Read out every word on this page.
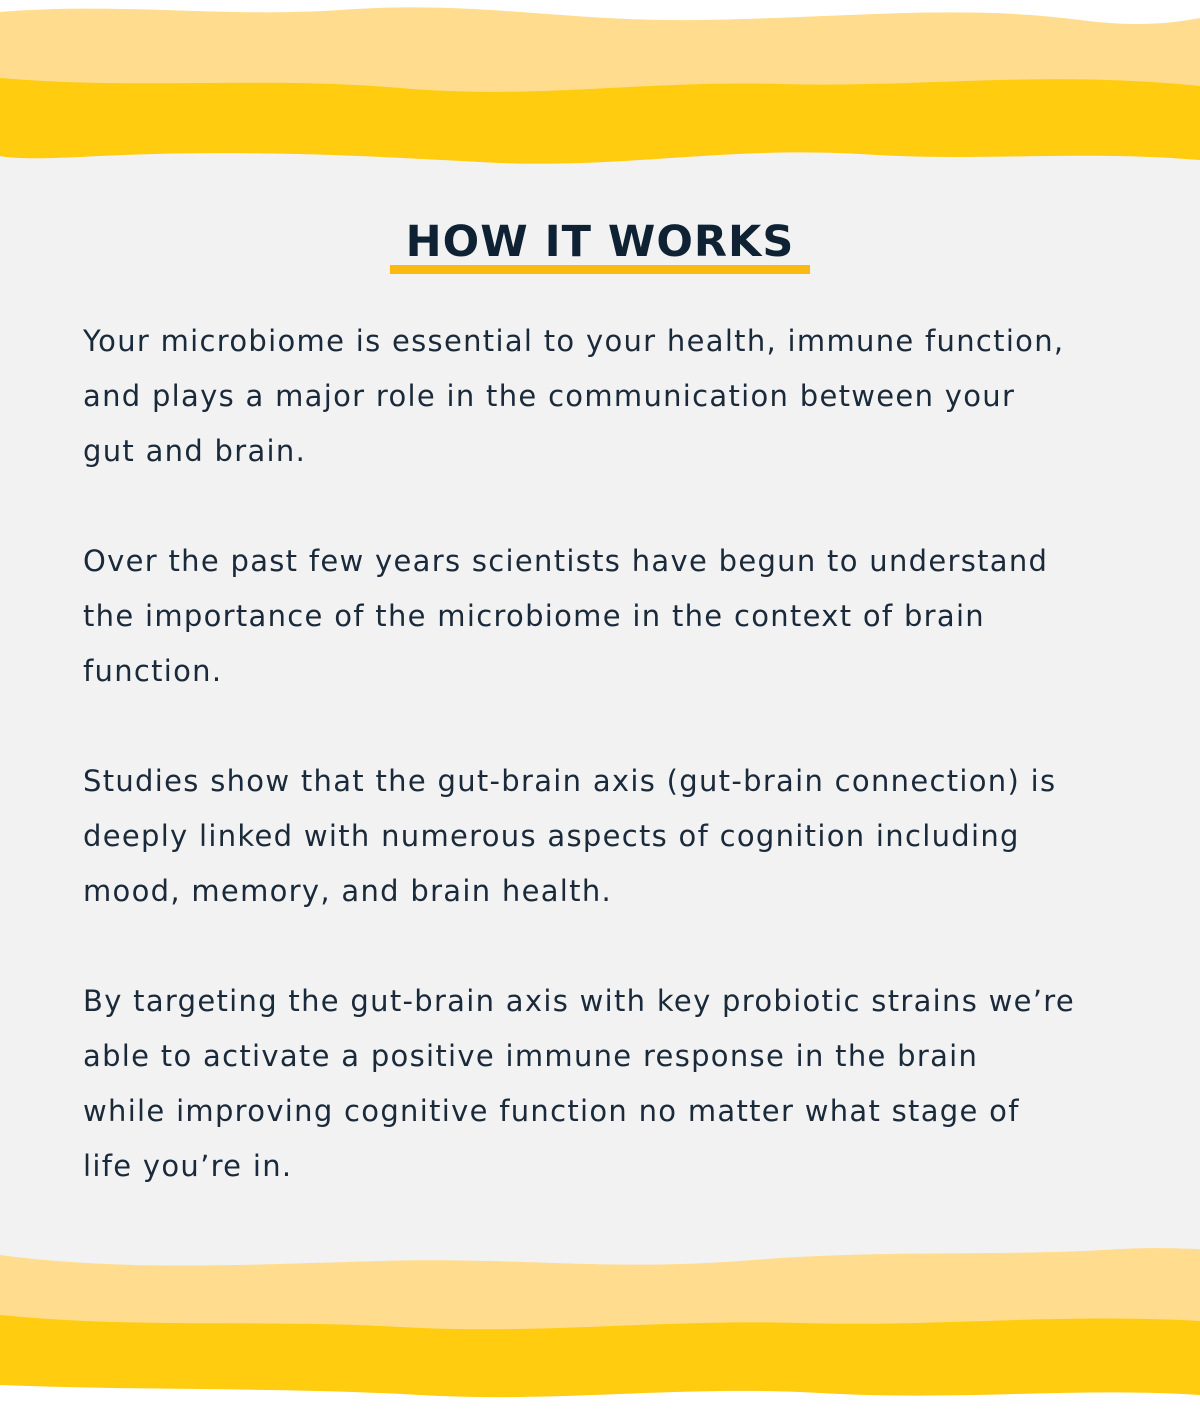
HOW IT WORKS

Your microbiome is essential to your health, immune function,
and plays a major role in the communication between your
gut and brain.

Over the past few years scientists have begun to understand
the importance of the microbiome in the context of brain
function.

Studies show that the gut-brain axis (gut-brain connection) is
deeply linked with numerous aspects of cognition including
mood, memory, and brain health.

By targeting the gut-brain axis with key probiotic strains we’re
able to activate a positive immune response in the brain
while improving cognitive function no matter what stage of
life you’re in.
